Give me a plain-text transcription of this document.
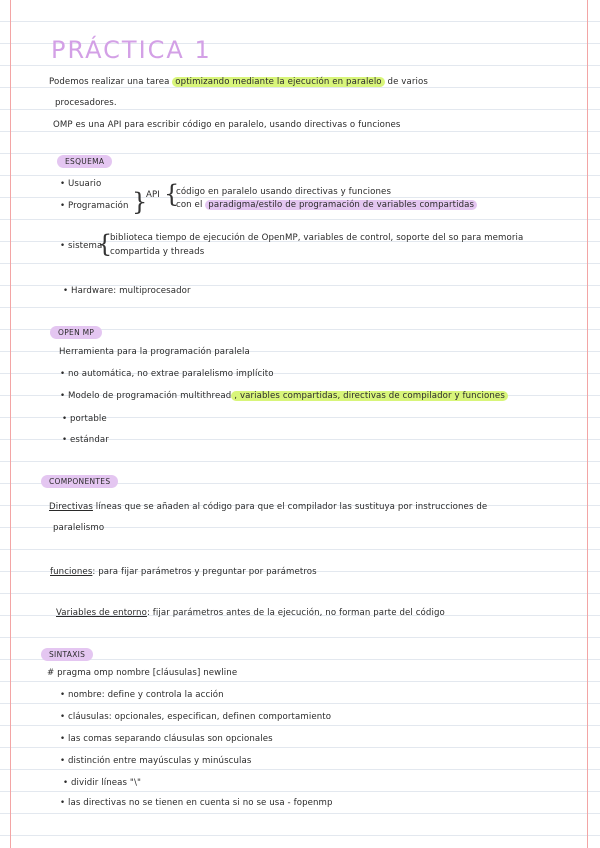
PRÁCTICA 1
Podemos realizar una tarea optimizando mediante la ejecución en paralelo de varios
procesadores.
OMP es una API para escribir código en paralelo, usando directivas o funciones
ESQUEMA
• Usuario
• Programación }
API {
código en paralelo usando directivas y funciones
con el paradigma/estilo de programación de variables compartidas
• sistema
{
biblioteca tiempo de ejecución de OpenMP, variables de control, soporte del so para memoria
compartida y threads
• Hardware: multiprocesador
OPEN MP
Herramienta para la programación paralela
• no automática, no extrae paralelismo implícito
• Modelo de programación multithread , variables compartidas, directivas de compilador y funciones
• portable
• estándar
COMPONENTES
Directivas líneas que se añaden al código para que el compilador las sustituya por instrucciones de
paralelismo
funciones: para fijar parámetros y preguntar por parámetros
Variables de entorno: fijar parámetros antes de la ejecución, no forman parte del código
SINTAXIS
# pragma omp nombre [cláusulas] newline
• nombre: define y controla la acción
• cláusulas: opcionales, especifican, definen comportamiento
• las comas separando cláusulas son opcionales
• distinción entre mayúsculas y minúsculas
• dividir líneas "\"
• las directivas no se tienen en cuenta si no se usa - fopenmp
